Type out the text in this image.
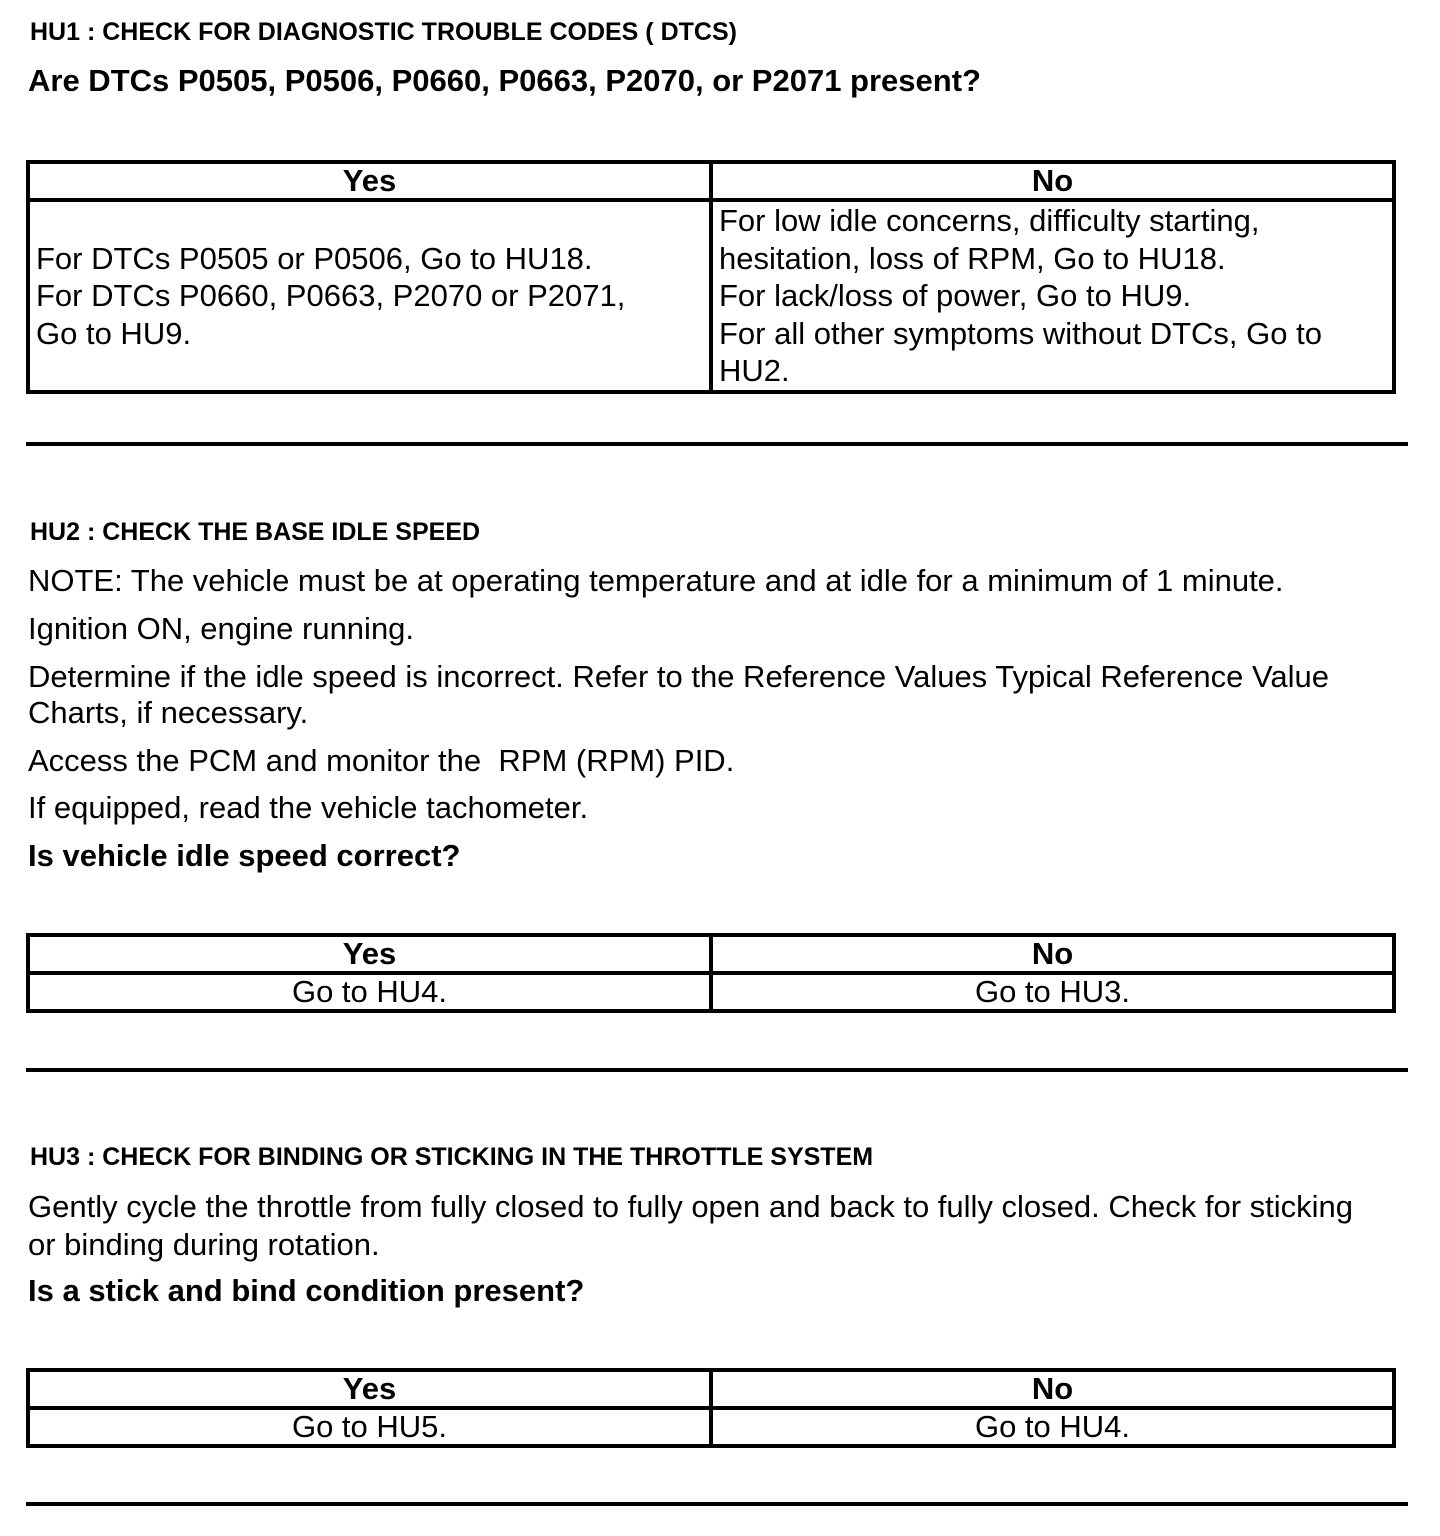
HU1 : CHECK FOR DIAGNOSTIC TROUBLE CODES ( DTCS)
Are DTCs P0505, P0506, P0660, P0663, P2070, or P2071 present?
Yes	No

For DTCs P0505 or P0506, Go to HU18.
For DTCs P0660, P0663, P2070 or P2071,
Go to HU9.	For low idle concerns, difficulty starting,
hesitation, loss of RPM, Go to HU18.
For lack/loss of power, Go to HU9.
For all other symptoms without DTCs, Go to
HU2.
HU2 : CHECK THE BASE IDLE SPEED
NOTE: The vehicle must be at operating temperature and at idle for a minimum of 1 minute.
Ignition ON, engine running.
Determine if the idle speed is incorrect. Refer to the Reference Values Typical Reference Value Charts, if necessary.
Access the PCM and monitor the  RPM (RPM) PID.
If equipped, read the vehicle tachometer.
Is vehicle idle speed correct?
Yes	No
Go to HU4.	Go to HU3.
HU3 : CHECK FOR BINDING OR STICKING IN THE THROTTLE SYSTEM
Gently cycle the throttle from fully closed to fully open and back to fully closed. Check for sticking or binding during rotation.
Is a stick and bind condition present?
Yes	No
Go to HU5.	Go to HU4.
